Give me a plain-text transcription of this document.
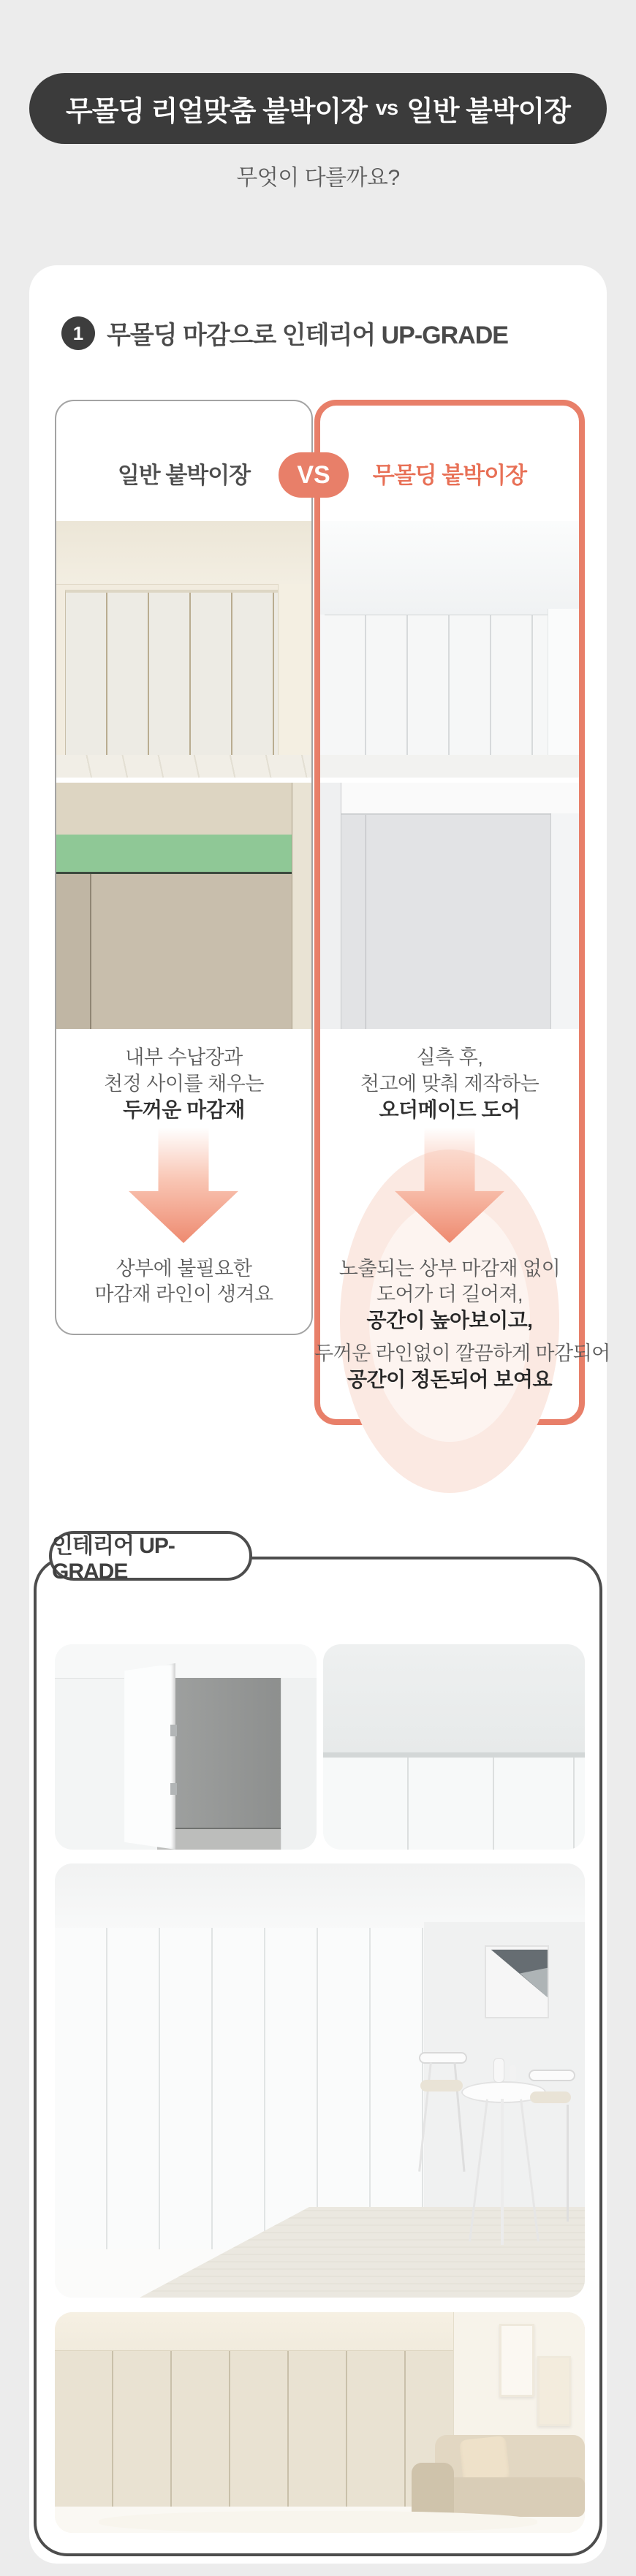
무몰딩 리얼맞춤 붙박이장 vs 일반 붙박이장
무엇이 다를까요?
1 무몰딩 마감으로 인테리어 UP-GRADE
VS
일반 붙박이장	무몰딩 붙박이장
내부 수납장과
천정 사이를 채우는
두꺼운 마감재
실측 후,
천고에 맞춰 제작하는
오더메이드 도어
상부에 불필요한
마감재 라인이 생겨요
노출되는 상부 마감재 없이
도어가 더 길어져,
공간이 높아보이고,
두꺼운 라인없이 깔끔하게 마감되어
공간이 정돈되어 보여요
인테리어 UP-GRADE
